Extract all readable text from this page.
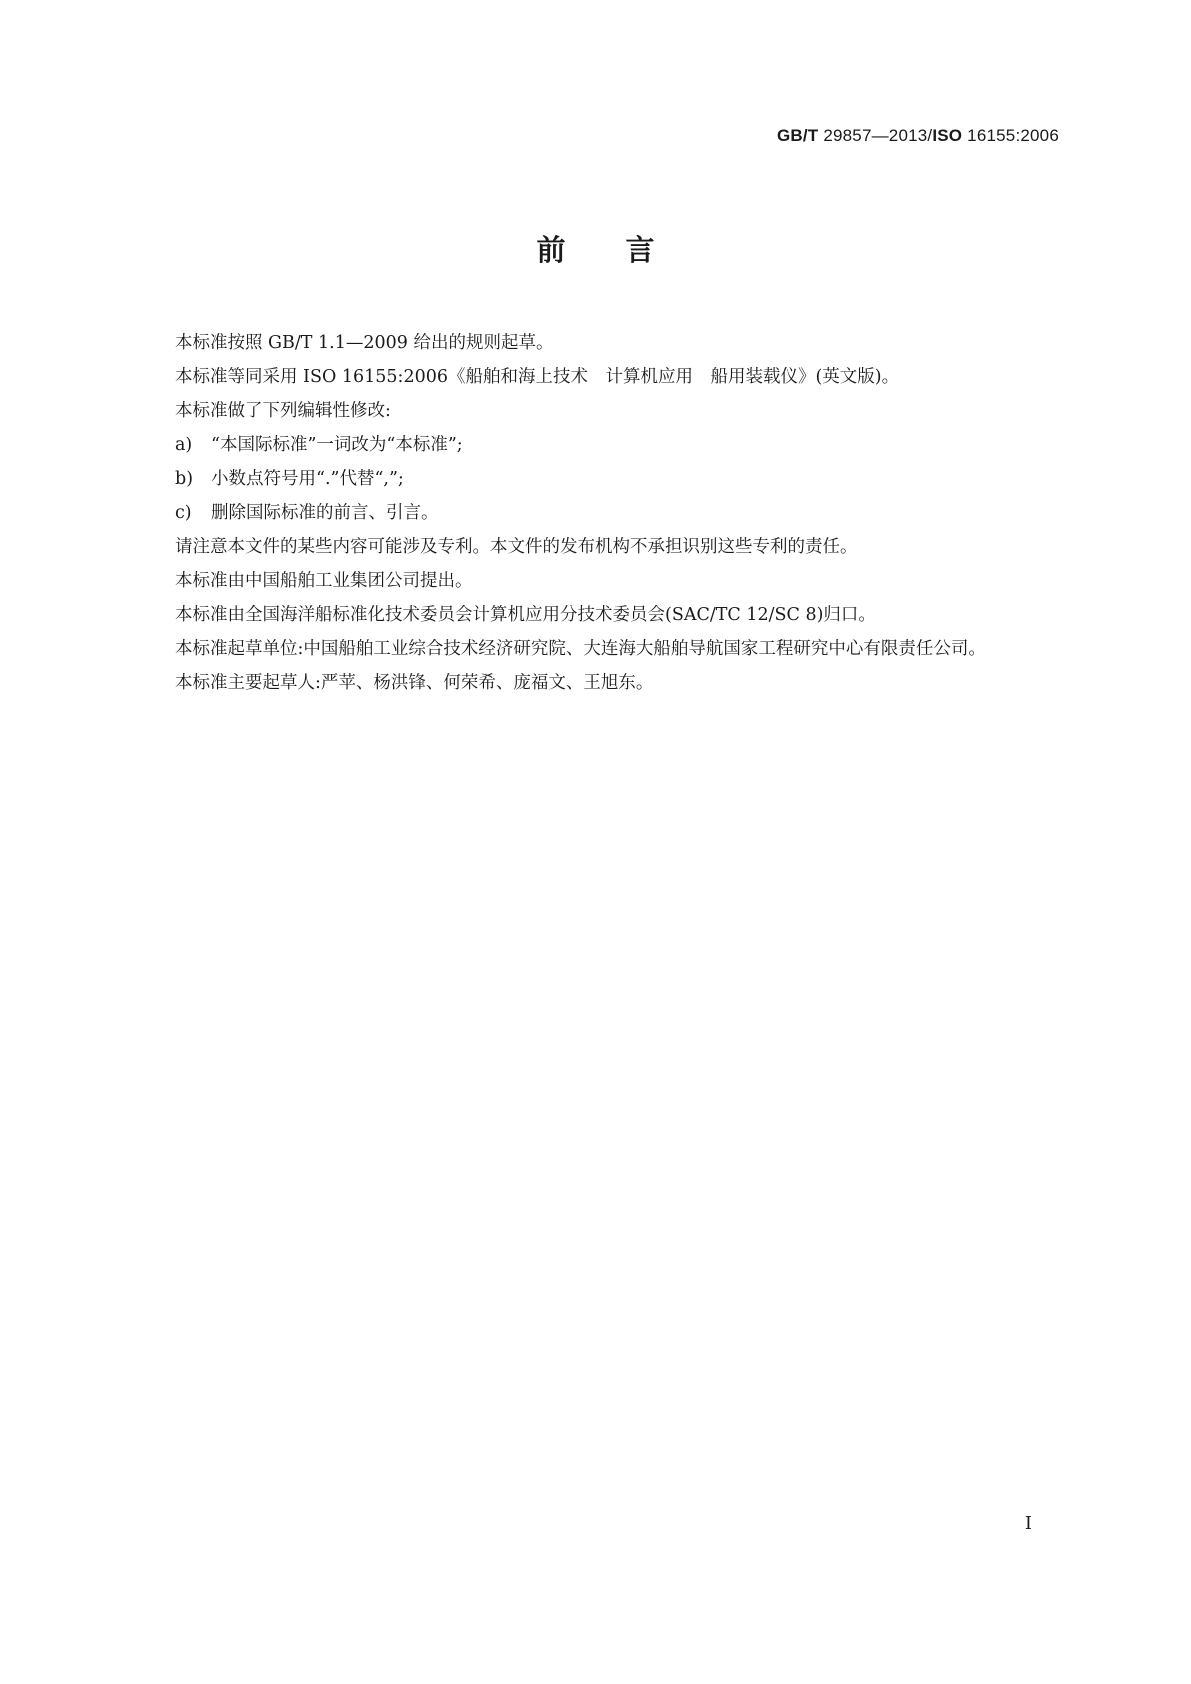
GB/T 29857—2013/ISO 16155:2006
前言

本标准按照 GB/T 1.1—2009 给出的规则起草。

本标准等同采用 ISO 16155:2006《船舶和海上技术　计算机应用　船用装载仪》(英文版)。

本标准做了下列编辑性修改:

a) “本国际标准”一词改为“本标准”;

b) 小数点符号用“.”代替“,”;

c) 删除国际标准的前言、引言。

请注意本文件的某些内容可能涉及专利。本文件的发布机构不承担识别这些专利的责任。

本标准由中国船舶工业集团公司提出。

本标准由全国海洋船标准化技术委员会计算机应用分技术委员会(SAC/TC 12/SC 8)归口。

本标准起草单位:中国船舶工业综合技术经济研究院、大连海大船舶导航国家工程研究中心有限责任公司。

本标准主要起草人:严苹、杨洪锋、何荣希、庞福文、王旭东。

I
